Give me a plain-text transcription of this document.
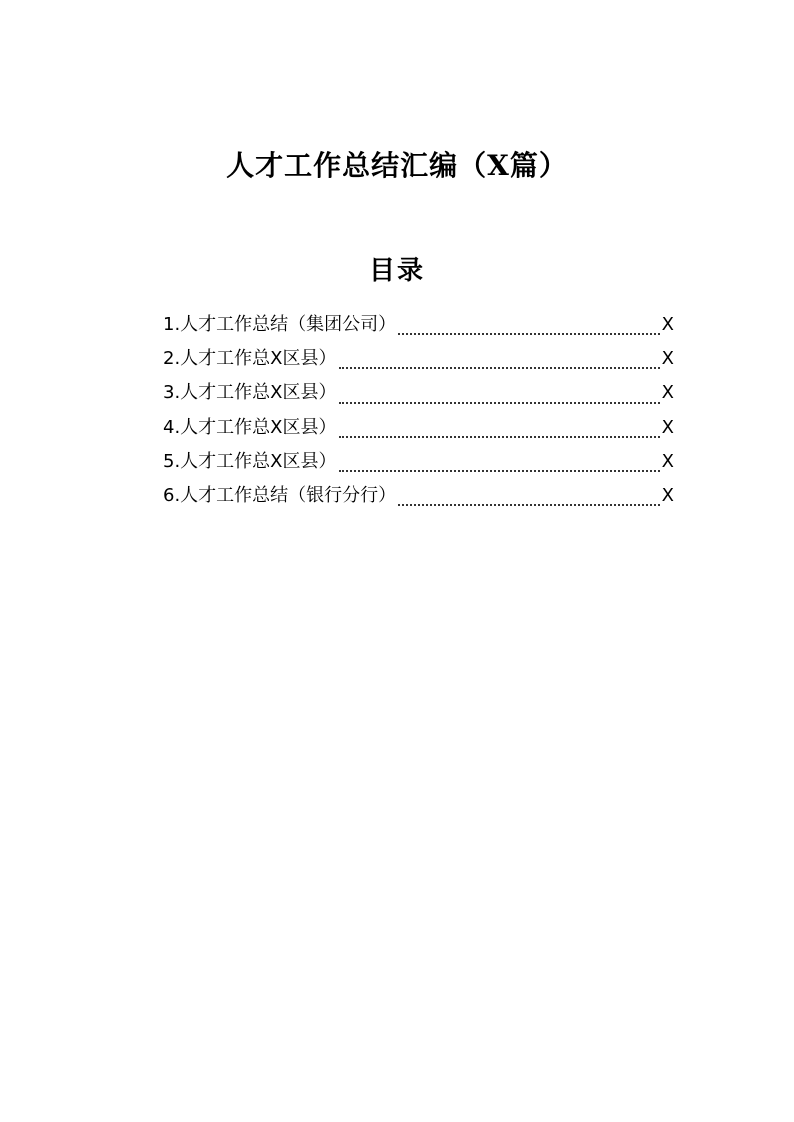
人才工作总结汇编（X篇）
目录
1.人才工作总结（集团公司）	X
2.人才工作总X区县）	X
3.人才工作总X区县）	X
4.人才工作总X区县）	X
5.人才工作总X区县）	X
6.人才工作总结（银行分行）	X
